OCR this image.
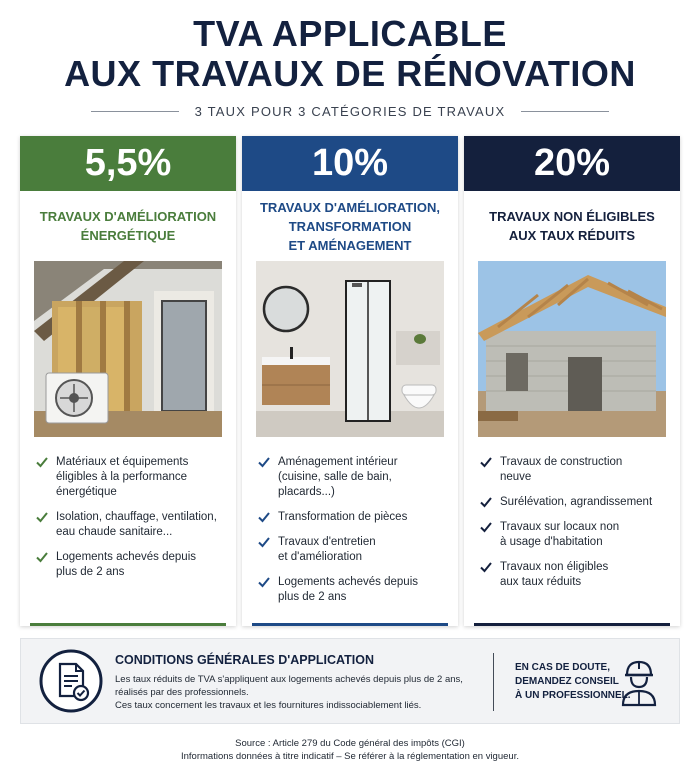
TVA APPLICABLE
AUX TRAVAUX DE RÉNOVATION
3 TAUX POUR 3 CATÉGORIES DE TRAVAUX
5,5%
TRAVAUX D'AMÉLIORATION
ÉNERGÉTIQUE
Matériaux et équipements
éligibles à la performance
énergétique
Isolation, chauffage, ventilation,
eau chaude sanitaire...
Logements achevés depuis
plus de 2 ans
10%
TRAVAUX D'AMÉLIORATION,
TRANSFORMATION
ET AMÉNAGEMENT
Aménagement intérieur
(cuisine, salle de bain, placards...)
Transformation de pièces
Travaux d'entretien
et d'amélioration
Logements achevés depuis
plus de 2 ans
20%
TRAVAUX NON ÉLIGIBLES
AUX TAUX RÉDUITS
Travaux de construction
neuve
Surélévation, agrandissement
Travaux sur locaux non
à usage d'habitation
Travaux non éligibles
aux taux réduits
CONDITIONS GÉNÉRALES D'APPLICATION
Les taux réduits de TVA s'appliquent aux logements achevés depuis plus de 2 ans,
réalisés par des professionnels.
Ces taux concernent les travaux et les fournitures indissociablement liés.
EN CAS DE DOUTE,
DEMANDEZ CONSEIL
À UN PROFESSIONNEL.
Source : Article 279 du Code général des impôts (CGI)
Informations données à titre indicatif – Se référer à la réglementation en vigueur.
